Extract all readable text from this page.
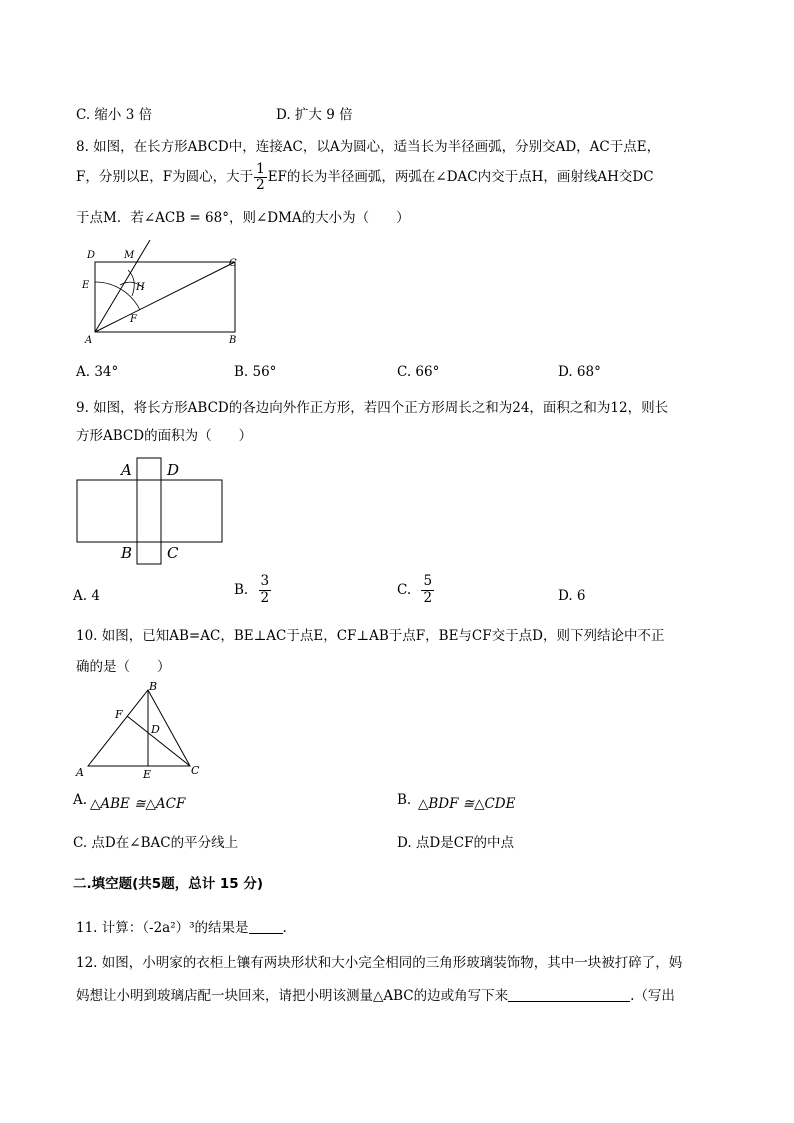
C. 缩小 3 倍	D. 扩大 9 倍
8. 如图，在长方形ABCD中，连接AC，以A为圆心，适当长为半径画弧，分别交AD，AC于点E，
F，分别以E，F为圆心，大于 $\frac{1}{2}$ EF的长为半径画弧，两弧在∠DAC内交于点H，画射线AH交DC
于点M．若∠ACB = 68°，则∠DMA的大小为（　　）
D	M
C
H
E
F
A	B
A. 34°	B. 56°	C. 66°	D. 68°
9. 如图，将长方形ABCD的各边向外作正方形，若四个正方形周长之和为24，面积之和为12，则长
方形ABCD的面积为（　　）
A D
B C
A. 4	B. $\frac{3}{2}$	C. $\frac{5}{2}$	D. 6
10. 如图，已知AB=AC，BE⊥AC于点E，CF⊥AB于点F，BE与CF交于点D，则下列结论中不正
确的是（　　）
B
F
D
A	E	C
A. △ABE ≅△ACF	B. △BDF ≅△CDE
C. 点D在∠BAC的平分线上	D. 点D是CF的中点
二.填空题(共5题，总计 15 分)
11. 计算：（-2a²）³的结果是	.
12. 如图，小明家的衣柜上镶有两块形状和大小完全相同的三角形玻璃装饰物，其中一块被打碎了，妈
妈想让小明到玻璃店配一块回来，请把小明该测量△ABC的边或角写下来	.（写出
